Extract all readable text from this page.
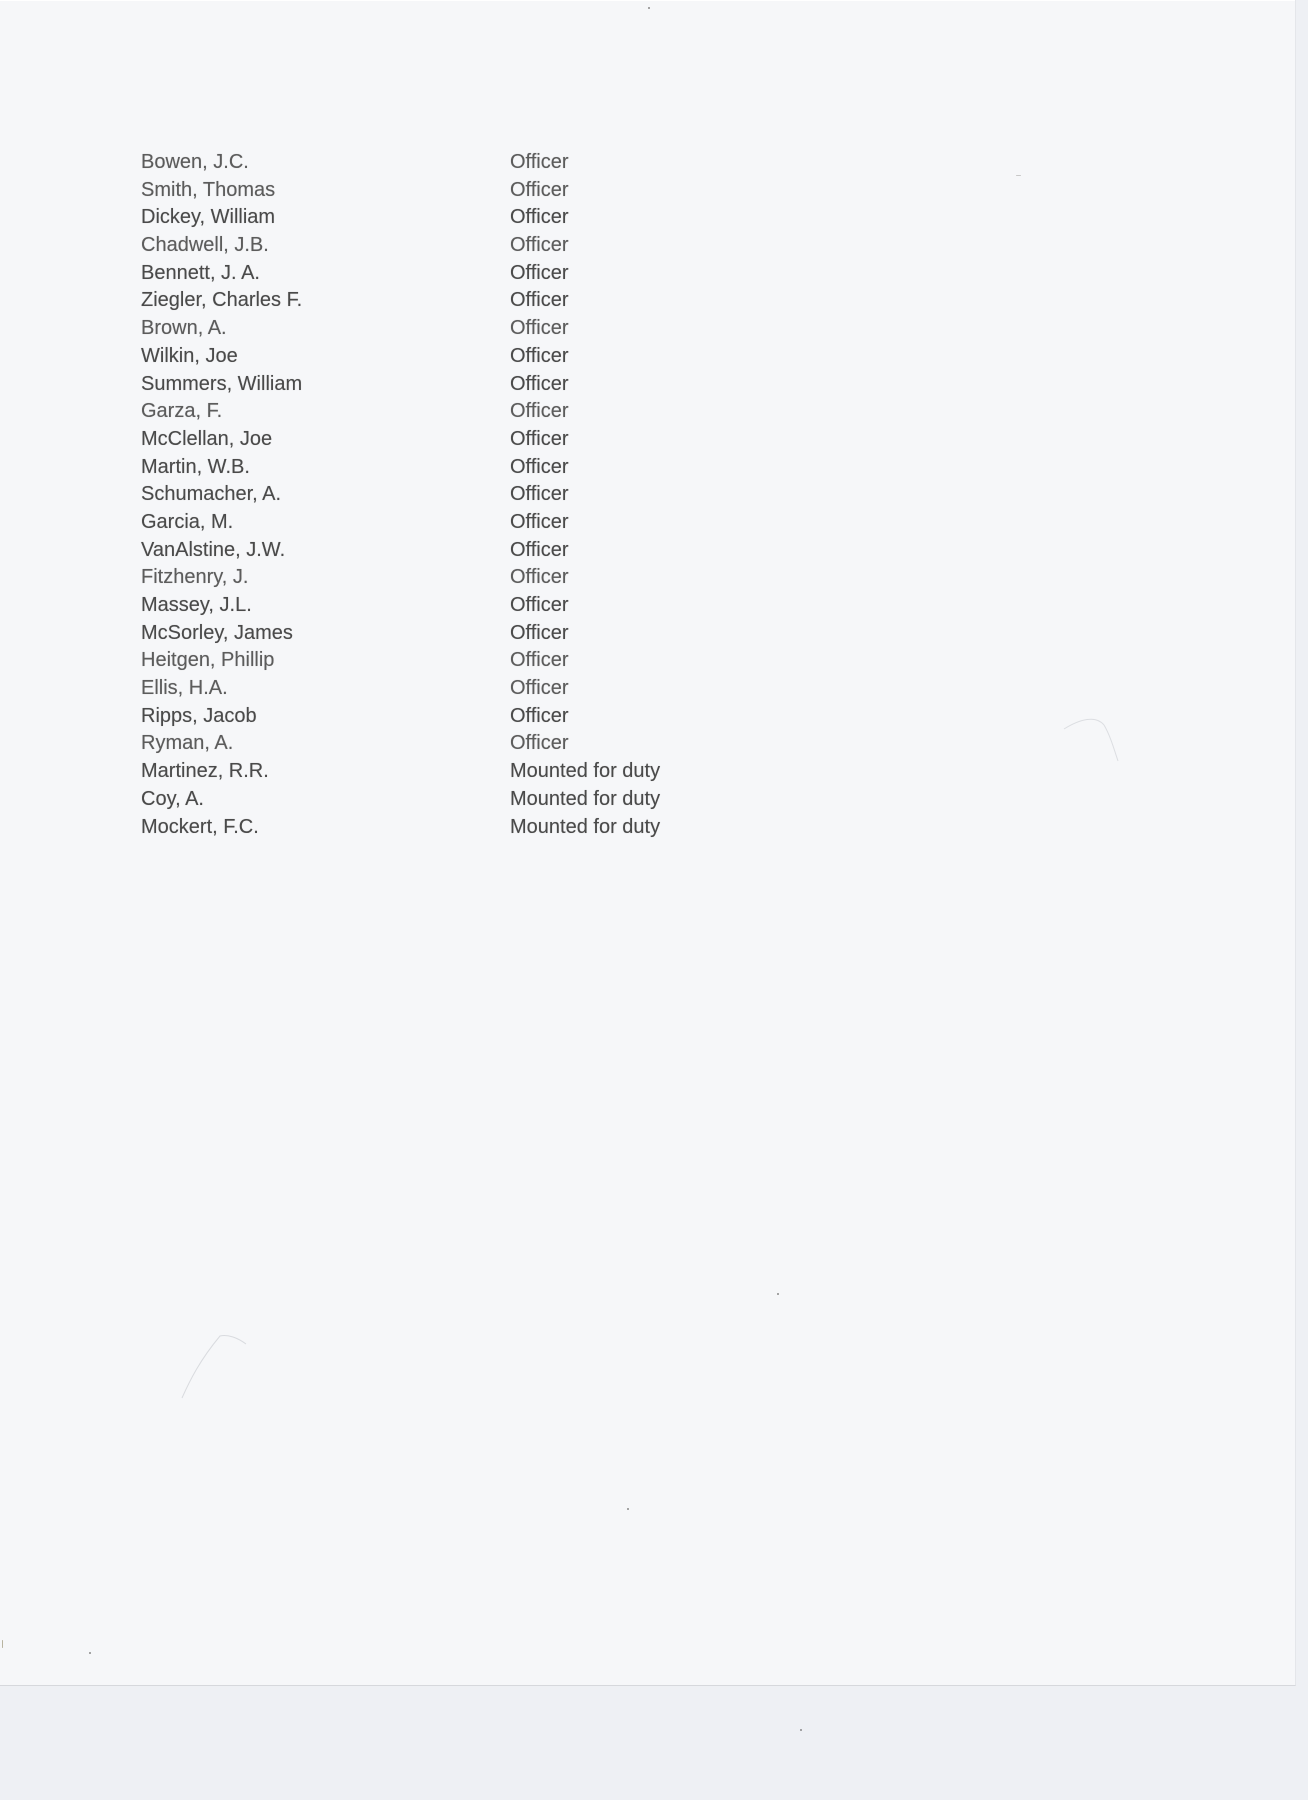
Bowen, J.C.	Officer
Smith, Thomas	Officer
Dickey, William	Officer
Chadwell, J.B.	Officer
Bennett, J. A.	Officer
Ziegler, Charles F.	Officer
Brown, A.	Officer
Wilkin, Joe	Officer
Summers, William	Officer
Garza, F.	Officer
McClellan, Joe	Officer
Martin, W.B.	Officer
Schumacher, A.	Officer
Garcia, M.	Officer
VanAlstine, J.W.	Officer
Fitzhenry, J.	Officer
Massey, J.L.	Officer
McSorley, James	Officer
Heitgen, Phillip	Officer
Ellis, H.A.	Officer
Ripps, Jacob	Officer
Ryman, A.	Officer
Martinez, R.R.	Mounted for duty
Coy, A.	Mounted for duty
Mockert, F.C.	Mounted for duty
